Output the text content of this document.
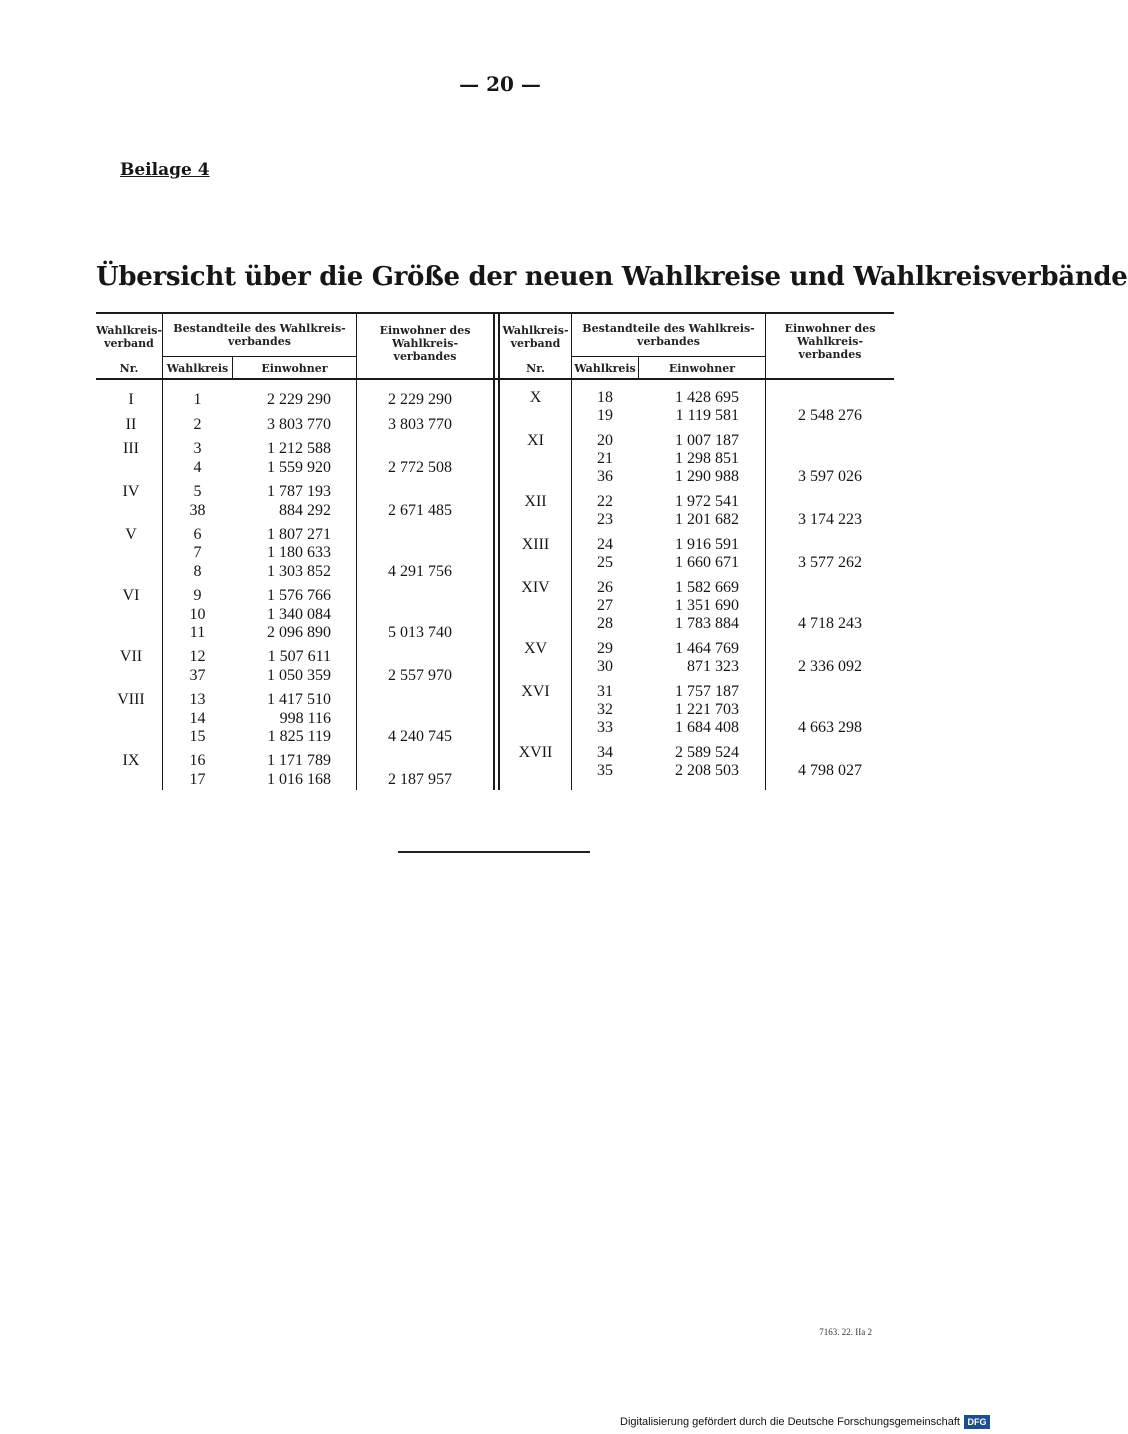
— 20 —
Beilage 4
Übersicht über die Größe der neuen Wahlkreise und Wahlkreisverbände
Wahlkreis-
verband
Nr.
Bestandteile des Wahlkreis-
verbandes
Wahlkreis	Einwohner
Einwohner des
Wahlkreis-
verbandes
Wahlkreis-
verband
Nr.
Bestandteile des Wahlkreis-
verbandes
Wahlkreis	Einwohner
Einwohner des
Wahlkreis-
verbandes
I	1	2 229 290	2 229 290
II	2	3 803 770	3 803 770
III	3	1 212 588
4	1 559 920	2 772 508
IV	5	1 787 193
38	884 292	2 671 485
V	6	1 807 271
7	1 180 633
8	1 303 852	4 291 756
VI	9	1 576 766
10	1 340 084
11	2 096 890	5 013 740
VII	12	1 507 611
37	1 050 359	2 557 970
VIII	13	1 417 510
14	998 116
15	1 825 119	4 240 745
IX	16	1 171 789
17	1 016 168	2 187 957
X	18	1 428 695
19	1 119 581	2 548 276
XI	20	1 007 187
21	1 298 851
36	1 290 988	3 597 026
XII	22	1 972 541
23	1 201 682	3 174 223
XIII	24	1 916 591
25	1 660 671	3 577 262
XIV	26	1 582 669
27	1 351 690
28	1 783 884	4 718 243
XV	29	1 464 769
30	871 323	2 336 092
XVI	31	1 757 187
32	1 221 703
33	1 684 408	4 663 298
XVII	34	2 589 524
35	2 208 503	4 798 027
7163. 22. IIa 2
Digitalisierung gefördert durch die Deutsche Forschungsgemeinschaft DFG
